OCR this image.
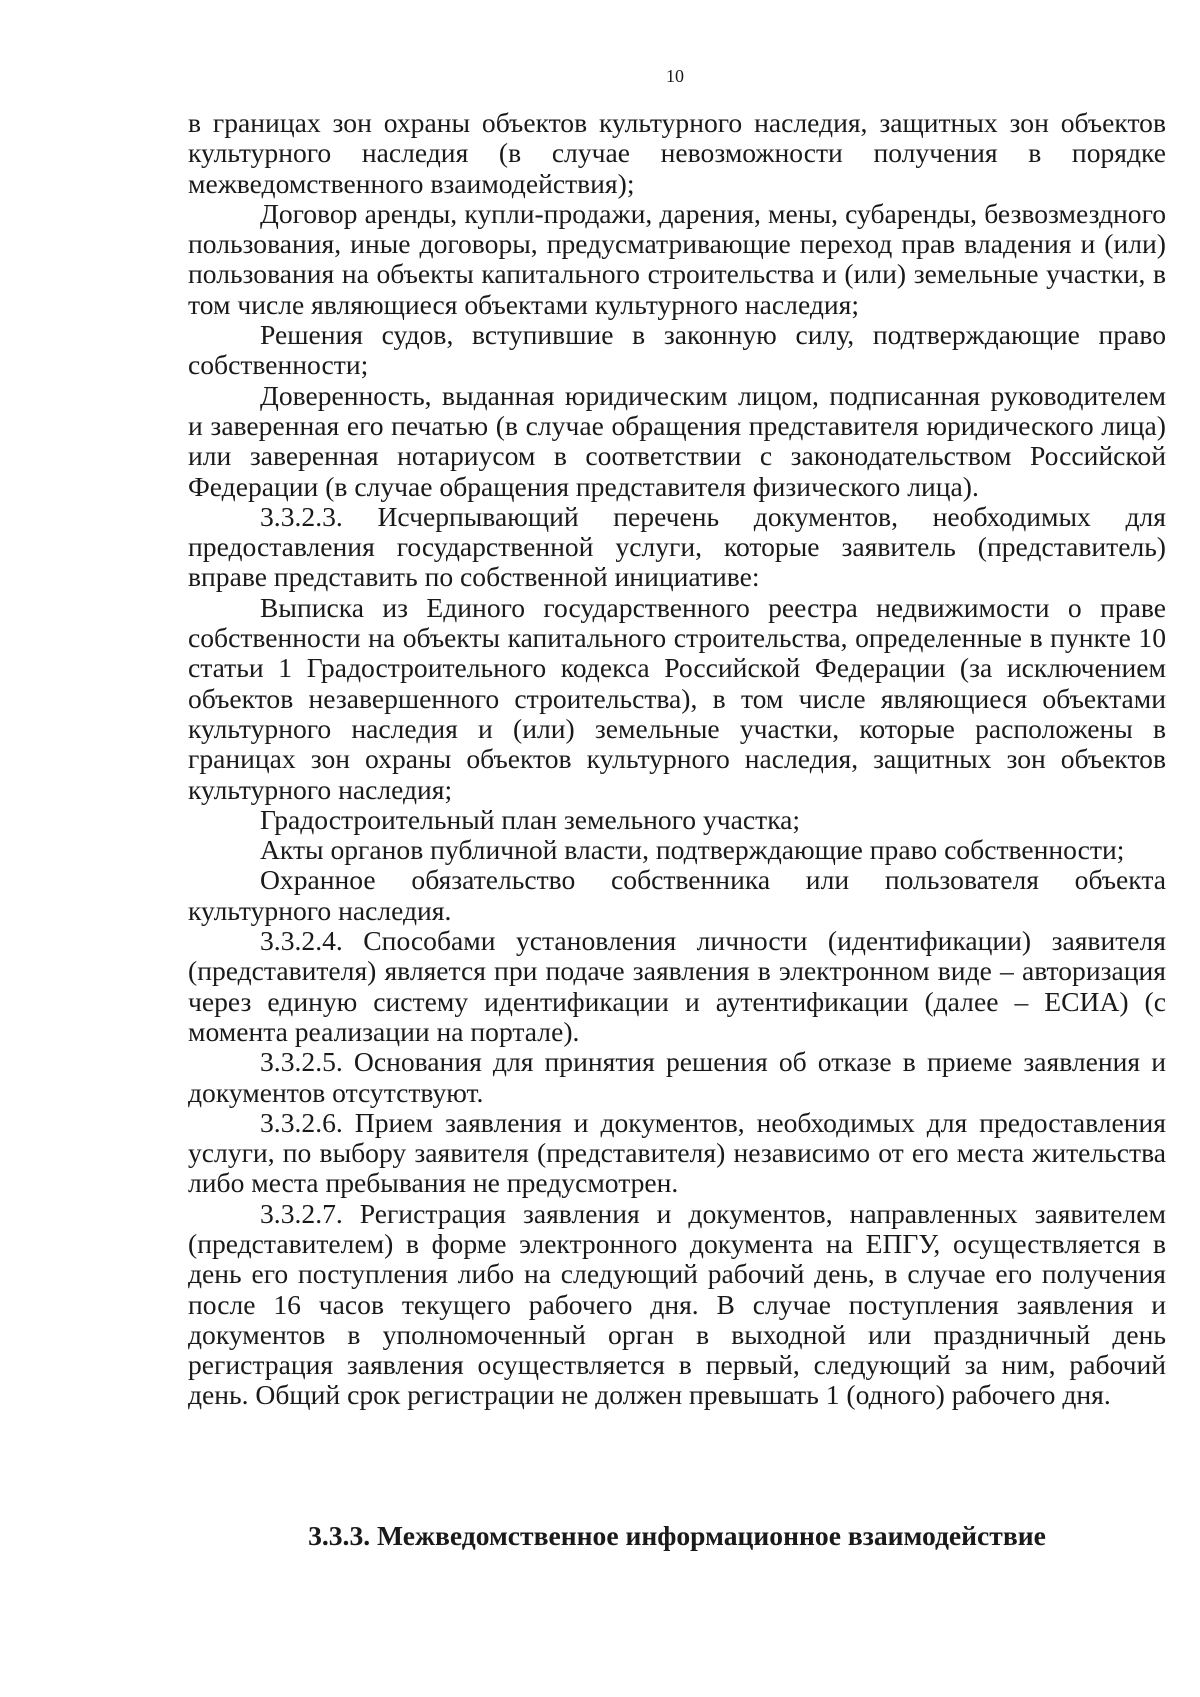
10

в границах зон охраны объектов культурного наследия, защитных зон объектов культурного наследия (в случае невозможности получения в порядке межведомственного взаимодействия);

Договор аренды, купли-продажи, дарения, мены, субаренды, безвозмездного пользования, иные договоры, предусматривающие переход прав владения и (или) пользования на объекты капитального строительства и (или) земельные участки, в том числе являющиеся объектами культурного наследия;

Решения судов, вступившие в законную силу, подтверждающие право собственности;

Доверенность, выданная юридическим лицом, подписанная руководителем и заверенная его печатью (в случае обращения представителя юридического лица) или заверенная нотариусом в соответствии с законодательством Российской Федерации (в случае обращения представителя физического лица).

3.3.2.3. Исчерпывающий перечень документов, необходимых для предоставления государственной услуги, которые заявитель (представитель) вправе представить по собственной инициативе:

Выписка из Единого государственного реестра недвижимости о праве собственности на объекты капитального строительства, определенные в пункте 10 статьи 1 Градостроительного кодекса Российской Федерации (за исключением объектов незавершенного строительства), в том числе являющиеся объектами культурного наследия и (или) земельные участки, которые расположены в границах зон охраны объектов культурного наследия, защитных зон объектов культурного наследия;

Градостроительный план земельного участка;

Акты органов публичной власти, подтверждающие право собственности;

Охранное обязательство собственника или пользователя объекта культурного наследия.

3.3.2.4. Способами установления личности (идентификации) заявителя (представителя) является при подаче заявления в электронном виде – авторизация через единую систему идентификации и аутентификации (далее – ЕСИА) (с момента реализации на портале).

3.3.2.5. Основания для принятия решения об отказе в приеме заявления и документов отсутствуют.

3.3.2.6. Прием заявления и документов, необходимых для предоставления услуги, по выбору заявителя (представителя) независимо от его места жительства либо места пребывания не предусмотрен.

3.3.2.7. Регистрация заявления и документов, направленных заявителем (представителем) в форме электронного документа на ЕПГУ, осуществляется в день его поступления либо на следующий рабочий день, в случае его получения после 16 часов текущего рабочего дня. В случае поступления заявления и документов в уполномоченный орган в выходной или праздничный день регистрация заявления осуществляется в первый, следующий за ним, рабочий день. Общий срок регистрации не должен превышать 1 (одного) рабочего дня.

3.3.3. Межведомственное информационное взаимодействие
